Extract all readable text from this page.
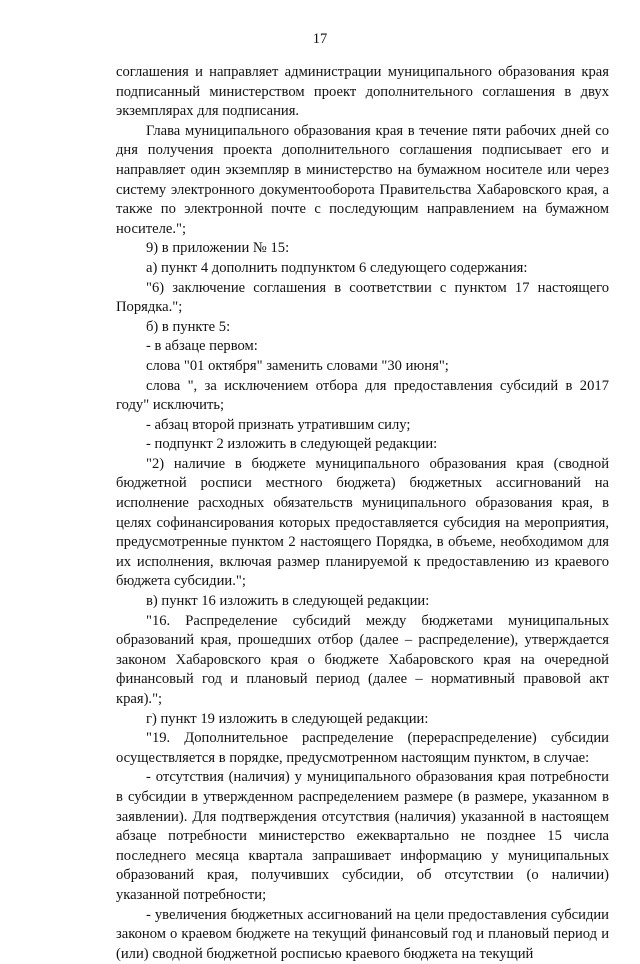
17

соглашения и направляет администрации муниципального образования края подписанный министерством проект дополнительного соглашения в двух экземплярах для подписания.

Глава муниципального образования края в течение пяти рабочих дней со дня получения проекта дополнительного соглашения подписывает его и направляет один экземпляр в министерство на бумажном носителе или через систему электронного документооборота Правительства Хабаровского края, а также по электронной почте с последующим направлением на бумажном носителе.";

9) в приложении № 15:

а) пункт 4 дополнить подпунктом 6 следующего содержания:

"6) заключение соглашения в соответствии с пунктом 17 настоящего Порядка.";

б) в пункте 5:

- в абзаце первом:

слова "01 октября" заменить словами "30 июня";

слова ", за исключением отбора для предоставления субсидий в 2017 году" исключить;

- абзац второй признать утратившим силу;

- подпункт 2 изложить в следующей редакции:

"2) наличие в бюджете муниципального образования края (сводной бюджетной росписи местного бюджета) бюджетных ассигнований на исполнение расходных обязательств муниципального образования края, в целях софинансирования которых предоставляется субсидия на мероприятия, предусмотренные пунктом 2 настоящего Порядка, в объеме, необходимом для их исполнения, включая размер планируемой к предоставлению из краевого бюджета субсидии.";

в) пункт 16 изложить в следующей редакции:

"16. Распределение субсидий между бюджетами муниципальных образований края, прошедших отбор (далее – распределение), утверждается законом Хабаровского края о бюджете Хабаровского края на очередной финансовый год и плановый период (далее – нормативный правовой акт края).";

г) пункт 19 изложить в следующей редакции:

"19. Дополнительное распределение (перераспределение) субсидии осуществляется в порядке, предусмотренном настоящим пунктом, в случае:

- отсутствия (наличия) у муниципального образования края потребности в субсидии в утвержденном распределением размере (в размере, указанном в заявлении). Для подтверждения отсутствия (наличия) указанной в настоящем абзаце потребности министерство ежеквартально не позднее 15 числа последнего месяца квартала запрашивает информацию у муниципальных образований края, получивших субсидии, об отсутствии (о наличии) указанной потребности;

- увеличения бюджетных ассигнований на цели предоставления субсидии законом о краевом бюджете на текущий финансовый год и плановый период и (или) сводной бюджетной росписью краевого бюджета на текущий
